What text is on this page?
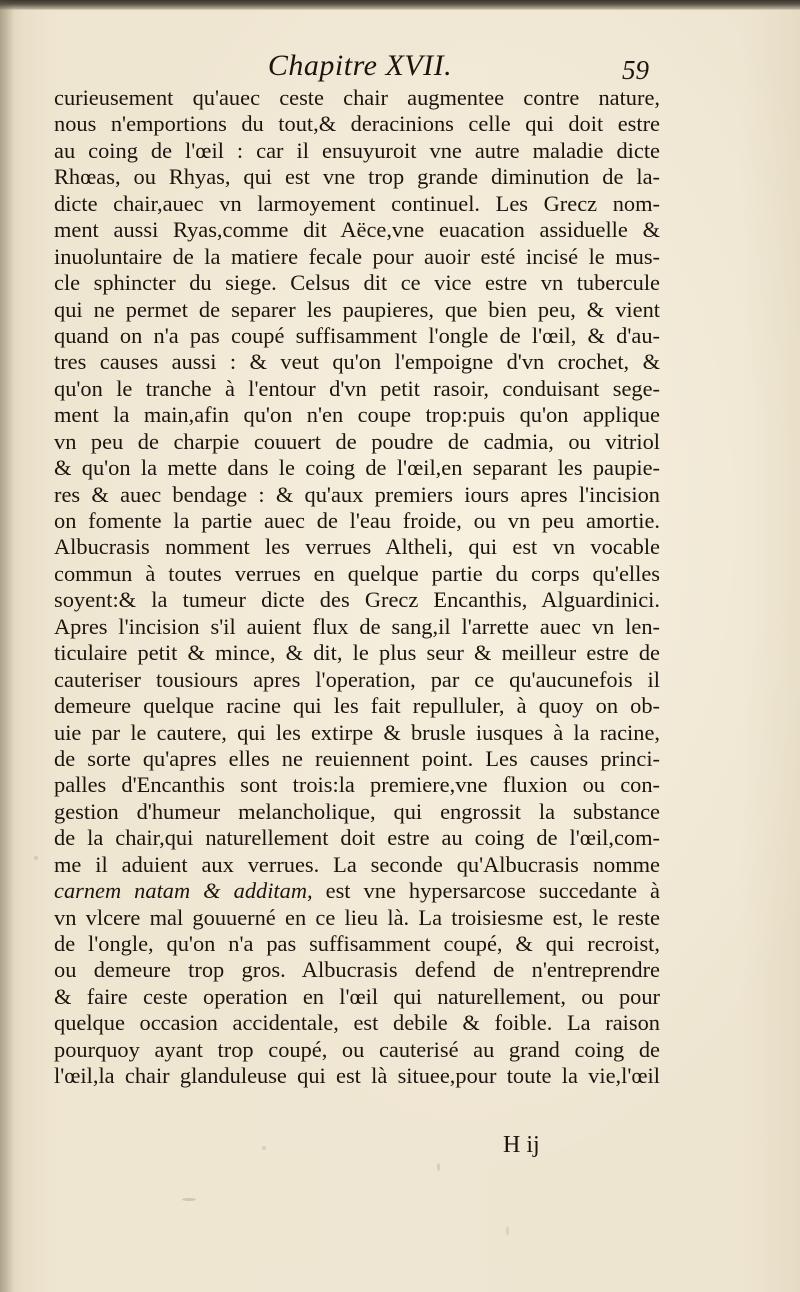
Chapitre XVII.	59
curieusement qu'auec ceste chair augmentee contre nature,
nous n'emportions du tout,& deracinions celle qui doit estre
au coing de l'œil : car il ensuyuroit vne autre maladie dicte
Rhœas, ou Rhyas, qui est vne trop grande diminution de la-
dicte chair,auec vn larmoyement continuel. Les Grecz nom-
ment aussi Ryas,comme dit Aëce,vne euacation assiduelle &
inuoluntaire de la matiere fecale pour auoir esté incisé le mus-
cle sphincter du siege. Celsus dit ce vice estre vn tubercule
qui ne permet de separer les paupieres, que bien peu, & vient
quand on n'a pas coupé suffisamment l'ongle de l'œil, & d'au-
tres causes aussi : & veut qu'on l'empoigne d'vn crochet, &
qu'on le tranche à l'entour d'vn petit rasoir, conduisant sege-
ment la main,afin qu'on n'en coupe trop:puis qu'on applique
vn peu de charpie couuert de poudre de cadmia, ou vitriol
& qu'on la mette dans le coing de l'œil,en separant les paupie-
res & auec bendage : & qu'aux premiers iours apres l'incision
on fomente la partie auec de l'eau froide, ou vn peu amortie.
Albucrasis nomment les verrues Altheli, qui est vn vocable
commun à toutes verrues en quelque partie du corps qu'elles
soyent:& la tumeur dicte des Grecz Encanthis, Alguardinici.
Apres l'incision s'il auient flux de sang,il l'arrette auec vn len-
ticulaire petit & mince, & dit, le plus seur & meilleur estre de
cauteriser tousiours apres l'operation, par ce qu'aucunefois il
demeure quelque racine qui les fait repulluler, à quoy on ob-
uie par le cautere, qui les extirpe & brusle iusques à la racine,
de sorte qu'apres elles ne reuiennent point. Les causes princi-
palles d'Encanthis sont trois:la premiere,vne fluxion ou con-
gestion d'humeur melancholique, qui engrossit la substance
de la chair,qui naturellement doit estre au coing de l'œil,com-
me il aduient aux verrues. La seconde qu'Albucrasis nomme
carnem natam & additam, est vne hypersarcose succedante à
vn vlcere mal gouuerné en ce lieu là. La troisiesme est, le reste
de l'ongle, qu'on n'a pas suffisamment coupé, & qui recroist,
ou demeure trop gros. Albucrasis defend de n'entreprendre
& faire ceste operation en l'œil qui naturellement, ou pour
quelque occasion accidentale, est debile & foible. La raison
pourquoy ayant trop coupé, ou cauterisé au grand coing de
l'œil,la chair glanduleuse qui est là situee,pour toute la vie,l'œil
H ij
